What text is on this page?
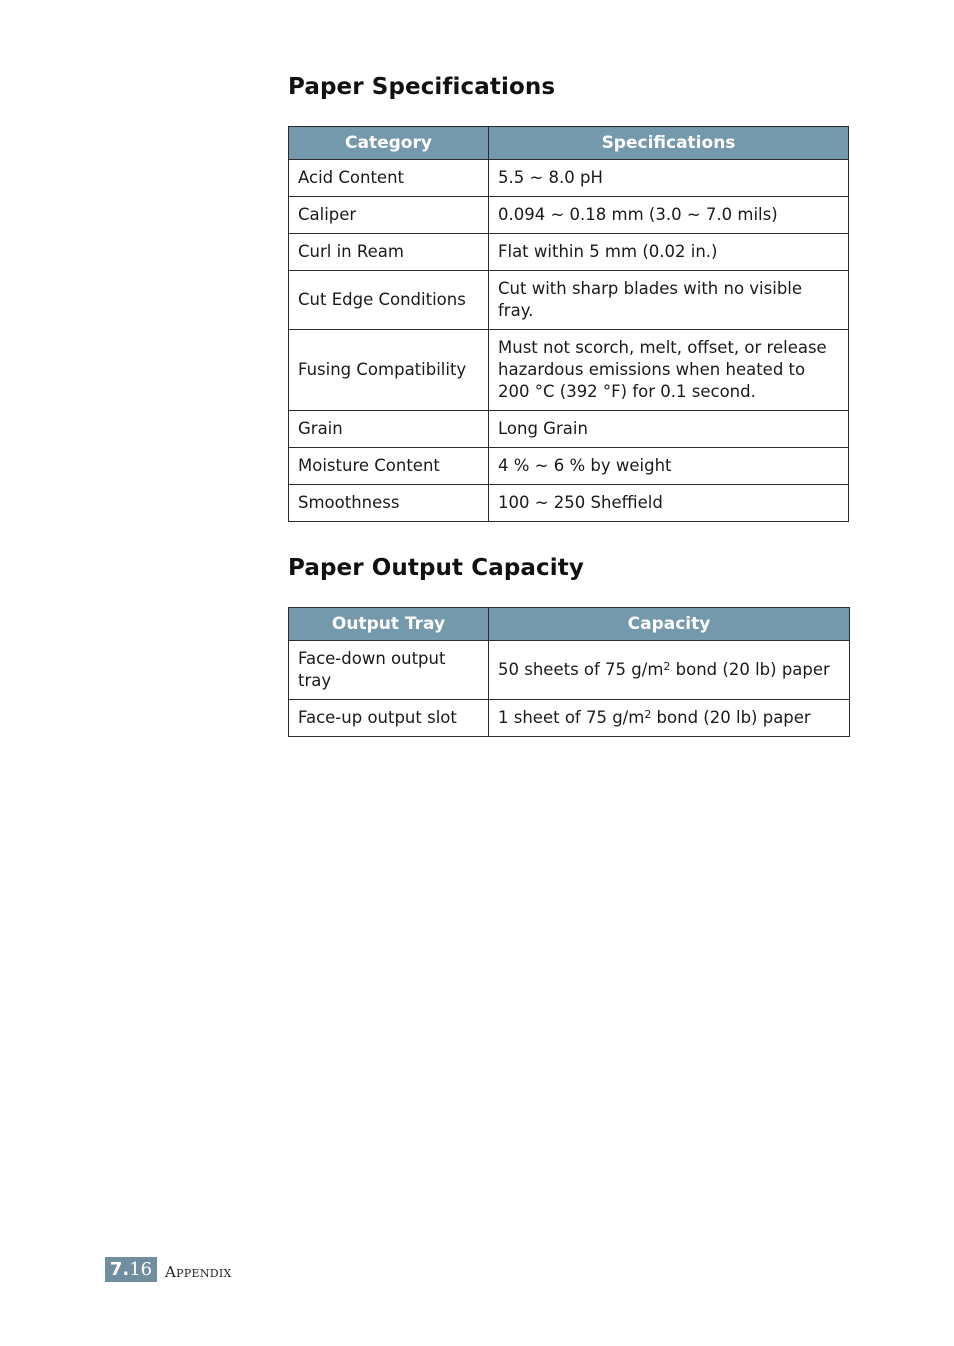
Paper Specifications
Category	Specifications
Acid Content	5.5 ~ 8.0 pH
Caliper	0.094 ~ 0.18 mm (3.0 ~ 7.0 mils)
Curl in Ream	Flat within 5 mm (0.02 in.)
Cut Edge Conditions	Cut with sharp blades with no visible fray.
Fusing Compatibility	Must not scorch, melt, offset, or release hazardous emissions when heated to 200 °C (392 °F) for 0.1 second.
Grain	Long Grain
Moisture Content	4 % ~ 6 % by weight
Smoothness	100 ~ 250 Sheffield
Paper Output Capacity
Output Tray	Capacity
Face-down output tray	50 sheets of 75 $g/m^2$ bond (20 lb) paper
Face-up output slot	1 sheet of 75 $g/m^2$ bond (20 lb) paper
7. 16 Appendix
